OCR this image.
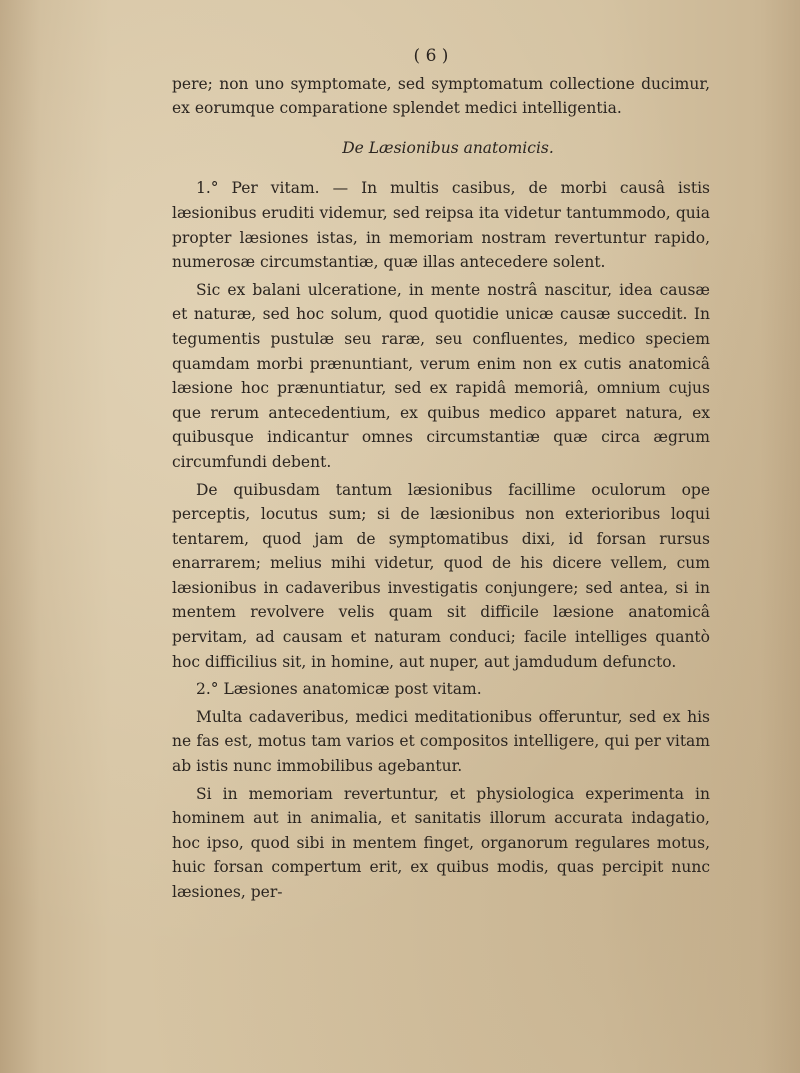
( 6 )

pere; non uno symptomate, sed symptomatum collectione ducimur, ex eorumque comparatione splendet medici intelligentia.

De Læsionibus anatomicis.

1.° Per vitam. — In multis casibus, de morbi causâ istis læsionibus eruditi videmur, sed reipsa ita videtur tantummodo, quia propter læsiones istas, in memoriam nostram revertuntur rapido, numerosæ circumstantiæ, quæ illas antecedere solent.

Sic ex balani ulceratione, in mente nostrâ nascitur, idea causæ et naturæ, sed hoc solum, quod quotidie unicæ causæ succedit. In tegumentis pustulæ seu raræ, seu confluentes, medico speciem quamdam morbi prænuntiant, verum enim non ex cutis anatomicâ læsione hoc prænuntiatur, sed ex rapidâ memoriâ, omnium cujus que rerum antecedentium, ex quibus medico apparet natura, ex quibusque indicantur omnes circumstantiæ quæ circa ægrum circumfundi debent.

De quibusdam tantum læsionibus facillime oculorum ope perceptis, locutus sum; si de læsionibus non exterioribus loqui tentarem, quod jam de symptomatibus dixi, id forsan rursus enarrarem; melius mihi videtur, quod de his dicere vellem, cum læsionibus in cadaveribus investigatis conjungere; sed antea, si in mentem revolvere velis quam sit difficile læsione anatomicâ pervitam, ad causam et naturam conduci; facile intelliges quantò hoc difficilius sit, in homine, aut nuper, aut jamdudum defuncto.

2.° Læsiones anatomicæ post vitam.

Multa cadaveribus, medici meditationibus offeruntur, sed ex his ne fas est, motus tam varios et compositos intelligere, qui per vitam ab istis nunc immobilibus agebantur.

Si in memoriam revertuntur, et physiologica experimenta in hominem aut in animalia, et sanitatis illorum accurata indagatio, hoc ipso, quod sibi in mentem finget, organorum regulares motus, huic forsan compertum erit, ex quibus modis, quas percipit nunc læsiones, per-
